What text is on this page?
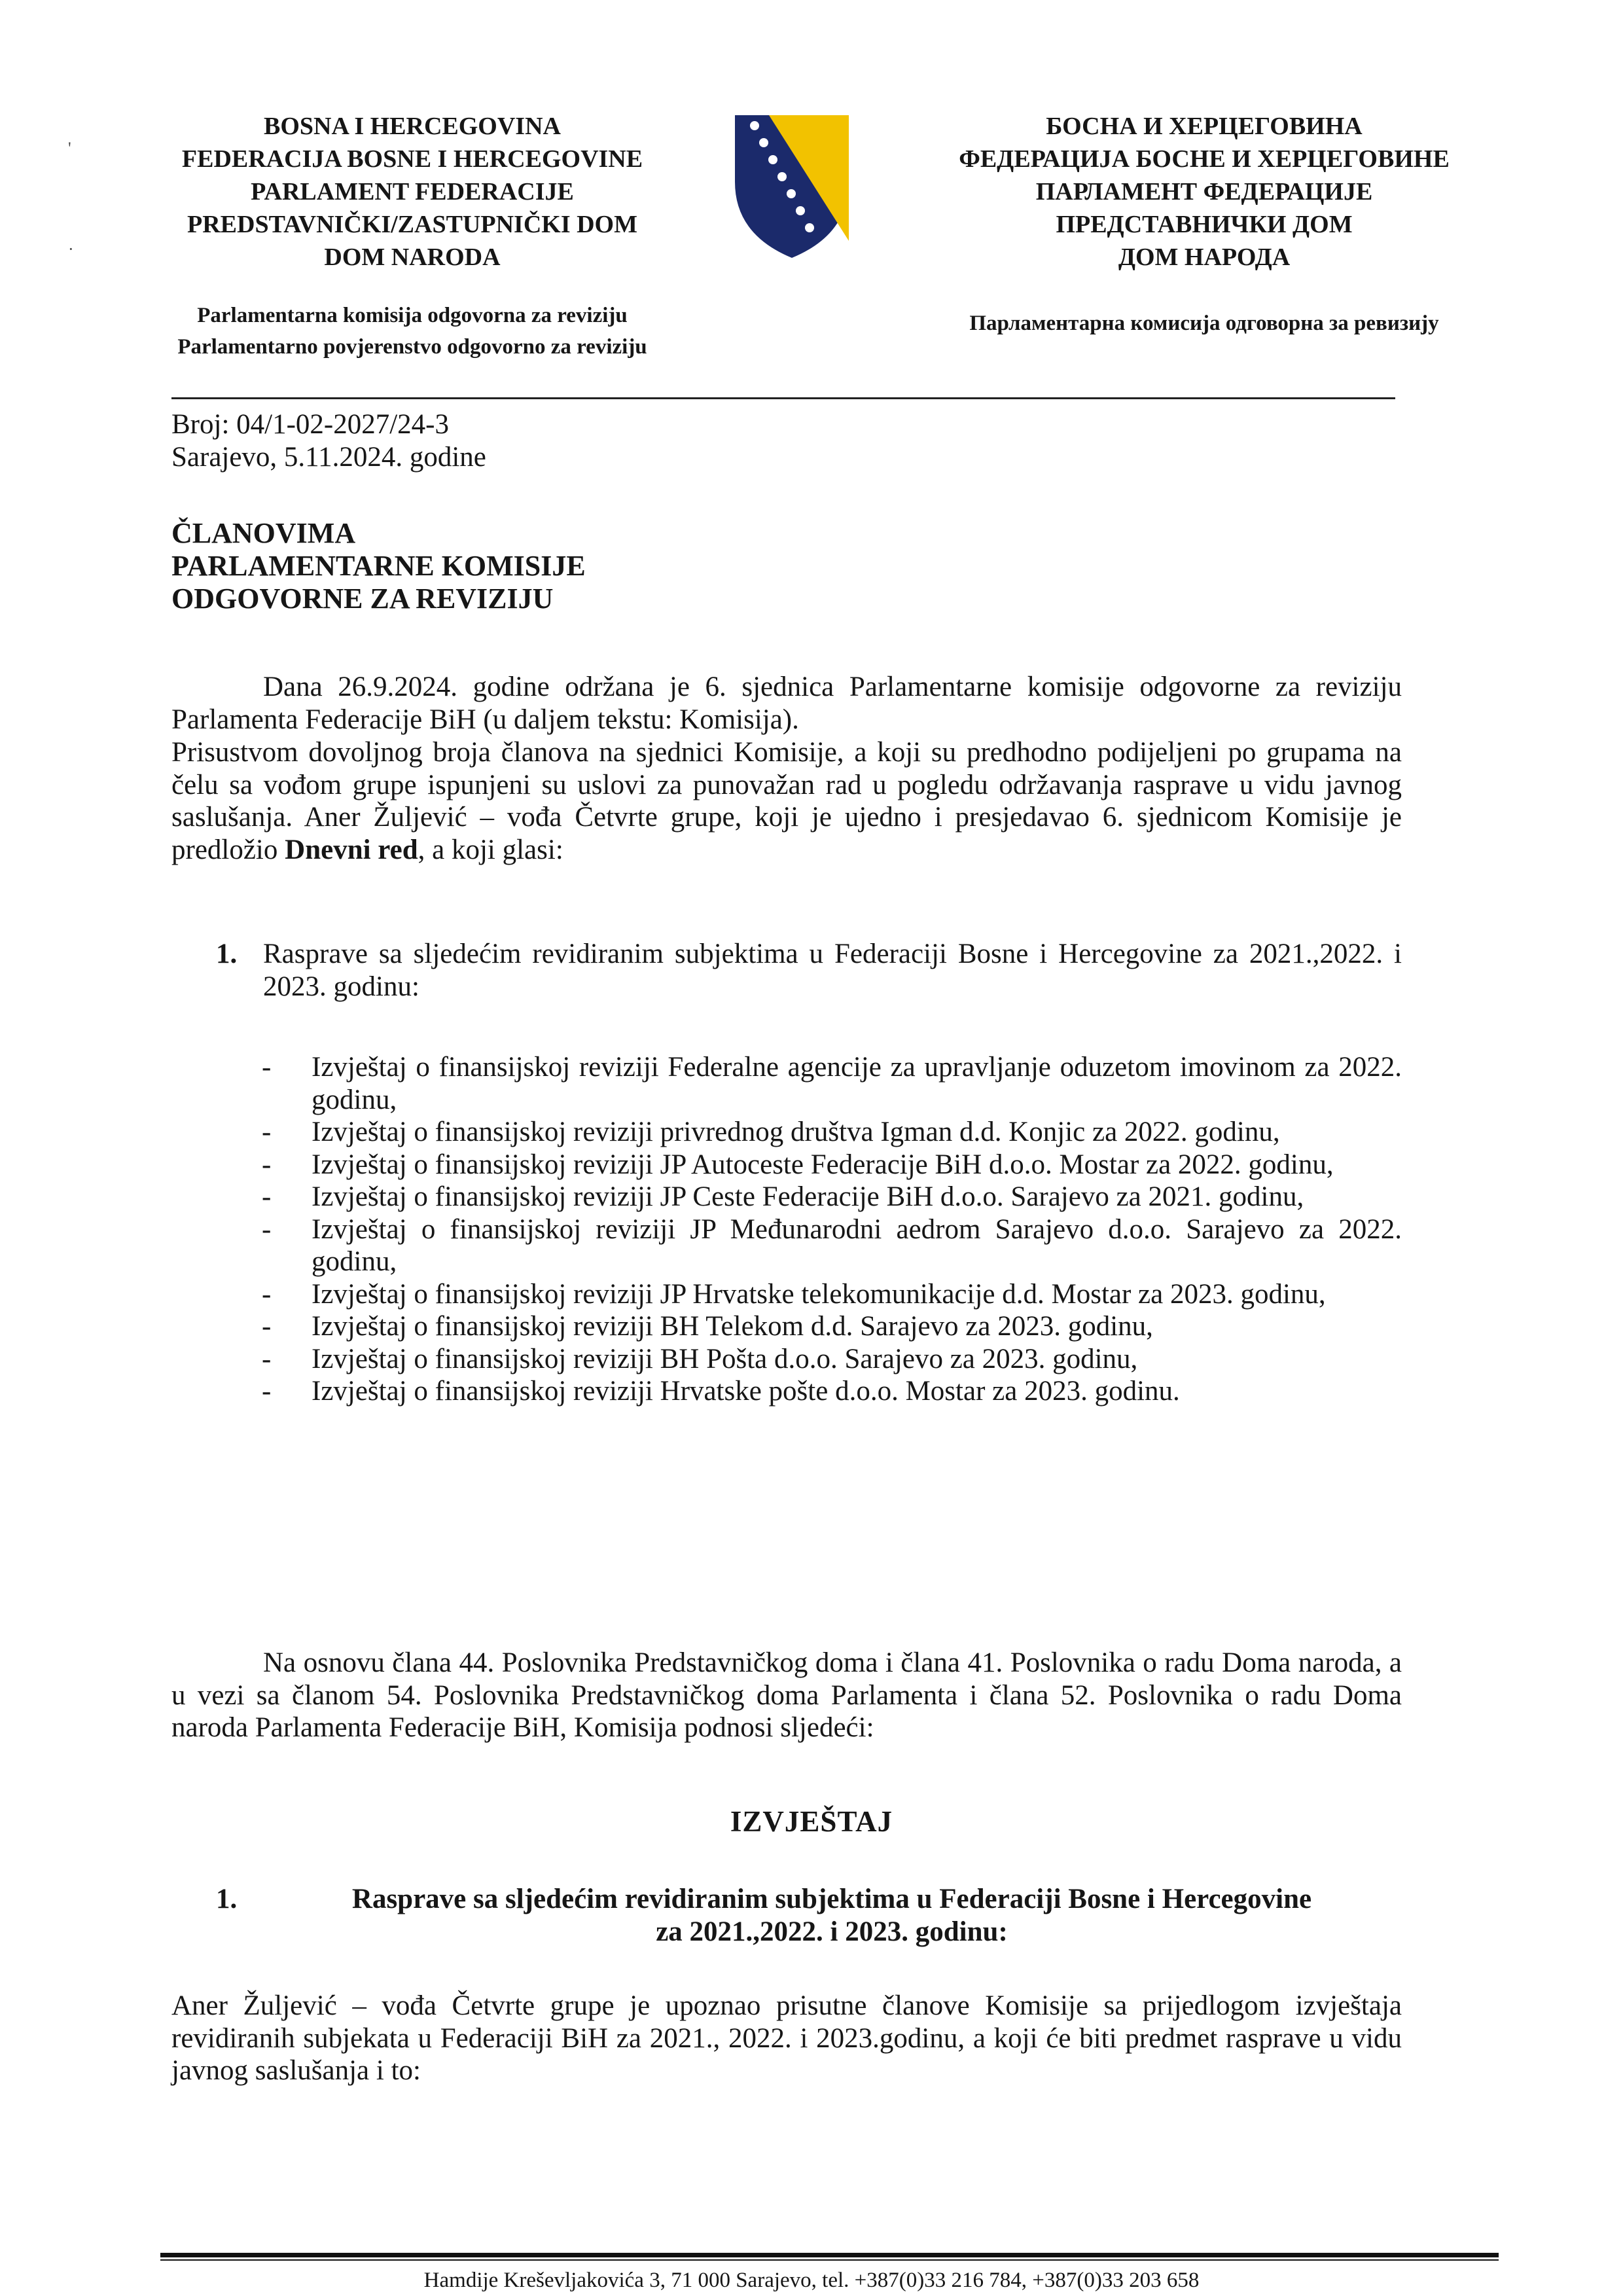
'
·
BOSNA I HERCEGOVINA
FEDERACIJA BOSNE I HERCEGOVINE
PARLAMENT FEDERACIJE
PREDSTAVNIČKI/ZASTUPNIČKI DOM
DOM NARODA
БОСНА И ХЕРЦЕГОВИНА
ФЕДЕРАЦИЈА БОСНЕ И ХЕРЦЕГОВИНЕ
ПАРЛАМЕНТ ФЕДЕРАЦИЈЕ
ПРЕДСТАВНИЧКИ ДОМ
ДОМ НАРОДА
Parlamentarna komisija odgovorna za reviziju
Parlamentarno povjerenstvo odgovorno za reviziju
Парламентарна комисија одговорна за ревизију
Broj: 04/1-02-2027/24-3
Sarajevo, 5.11.2024. godine
ČLANOVIMA
PARLAMENTARNE KOMISIJE
ODGOVORNE ZA REVIZIJU
Dana 26.9.2024. godine održana je 6. sjednica Parlamentarne komisije odgovorne za reviziju Parlamenta Federacije BiH (u daljem tekstu: Komisija).
Prisustvom dovoljnog broja članova na sjednici Komisije, a koji su predhodno podijeljeni po grupama na čelu sa vođom grupe ispunjeni su uslovi za punovažan rad u pogledu održavanja rasprave u vidu javnog saslušanja. Aner Žuljević – vođa Četvrte grupe, koji je ujedno i presjedavao 6. sjednicom Komisije je predložio Dnevni red, a koji glasi:
1. Rasprave sa sljedećim revidiranim subjektima u Federaciji Bosne i Hercegovine za 2021.,2022. i 2023. godinu:
- Izvještaj o finansijskoj reviziji Federalne agencije za upravljanje oduzetom imovinom za 2022. godinu,
- Izvještaj o finansijskoj reviziji privrednog društva Igman d.d. Konjic za 2022. godinu,
- Izvještaj o finansijskoj reviziji JP Autoceste Federacije BiH d.o.o. Mostar za 2022. godinu,
- Izvještaj o finansijskoj reviziji JP Ceste Federacije BiH d.o.o. Sarajevo za 2021. godinu,
- Izvještaj o finansijskoj reviziji JP Međunarodni aedrom Sarajevo d.o.o. Sarajevo za 2022. godinu,
- Izvještaj o finansijskoj reviziji JP Hrvatske telekomunikacije d.d. Mostar za 2023. godinu,
- Izvještaj o finansijskoj reviziji BH Telekom d.d. Sarajevo za 2023. godinu,
- Izvještaj o finansijskoj reviziji BH Pošta d.o.o. Sarajevo za 2023. godinu,
- Izvještaj o finansijskoj reviziji Hrvatske pošte d.o.o. Mostar za 2023. godinu.
Na osnovu člana 44. Poslovnika Predstavničkog doma i člana 41. Poslovnika o radu Doma naroda, a u vezi sa članom 54. Poslovnika Predstavničkog doma Parlamenta i člana 52. Poslovnika o radu Doma naroda Parlamenta Federacije BiH, Komisija podnosi sljedeći:
IZVJEŠTAJ
1.	Rasprave sa sljedećim revidiranim subjektima u Federaciji Bosne i Hercegovine
za 2021.,2022. i 2023. godinu:
Aner Žuljević – vođa Četvrte grupe je upoznao prisutne članove Komisije sa prijedlogom izvještaja revidiranih subjekata u Federaciji BiH za 2021., 2022. i 2023.godinu, a koji će biti predmet rasprave u vidu javnog saslušanja i to:
Hamdije Kreševljakovića 3, 71 000 Sarajevo, tel. +387(0)33 216 784, +387(0)33 203 658
